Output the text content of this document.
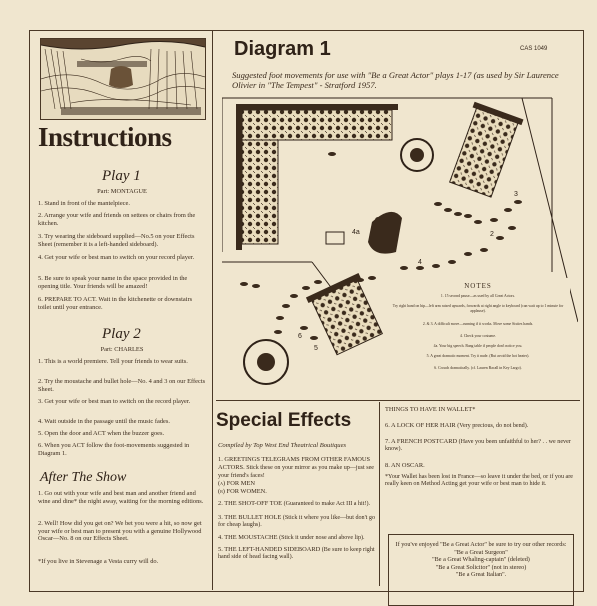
Instructions
Play 1
Part: MONTAGUE
1. Stand in front of the mantelpiece.
2. Arrange your wife and friends on settees or chairs from the kitchen.
3. Try wearing the sideboard supplied—No.5 on your Effects Sheet (remember it is a left-handed sideboard).
4. Get your wife or best man to switch on your record player.
5. Be sure to speak your name in the space provided in the opening title. Your friends will be amazed!
6. PREPARE TO ACT. Wait in the kitchenette or downstairs toilet until your entrance.
Play 2
Part: CHARLES
1. This is a world premiere. Tell your friends to wear suits.
2. Try the moustache and bullet hole—No. 4 and 3 on our Effects Sheet.
3. Get your wife or best man to switch on the record player.
4. Wait outside in the passage until the music fades.
5. Open the door and ACT when the buzzer goes.
6. When you ACT follow the foot-movements suggested in Diagram 1.
After The Show
1. Go out with your wife and best man and another friend and wine and dine* the night away, waiting for the morning editions.
2. Well! How did you get on? We bet you were a hit, so now get your wife or best man to present you with a genuine Hollywood Oscar—No. 8 on our Effects Sheet.
*If you live in Stevenage a Vesta curry will do.
Diagram 1	CAS 1049
Suggested foot movements for use with "Be a Great Actor" plays 1-17 (as used by Sir Laurence Olivier in "The Tempest" - Stratford 1957.
2
3
4
4a
5
6
NOTES
1. 15 second pause—as used by all Great Actors.
Try right hand on hip—left arm raised upwards, forwards at right angle to keyboard (can wait up to 1 minute for applause).
2. & 3. A difficult move—running if it works. Move some Sixties hands.
4. Check your costume.
4a. Your big speech. Bang table if people don't notice you.
5. A great dramatic moment. Try it nude. (But avoid the hot heater).
6. Crouch dramatically. (cf. Lauren Bacall in Key Largo).
Special Effects
Compiled by Top West End Theatrical Boutiques
1. GREETINGS TELEGRAMS FROM OTHER FAMOUS ACTORS. Stick these on your mirror as you make up—just see your friend's faces!
(a) FOR MEN
(b) FOR WOMEN.
2. THE SHOT-OFF TOE (Guaranteed to make Act III a hit!).
3. THE BULLET HOLE (Stick it where you like—but don't go for cheap laughs).
4. THE MOUSTACHE (Stick it under nose and above lip).
5. THE LEFT-HANDED SIDEBOARD (Be sure to keep right hand side of head facing wall).
THINGS TO HAVE IN WALLET*
6. A LOCK OF HER HAIR (Very precious, do not bend).
7. A FRENCH POSTCARD (Have you been unfaithful to her? . . we never know).
8. AN OSCAR.
*Your Wallet has been lost in France—so leave it under the bed, or if you are really keen on Method Acting get your wife or best man to hide it.

If you've enjoyed "Be a Great Actor" be sure to try our other records:

"Be a Great Surgeon"

"Be a Great Whaling-captain" (deleted)

"Be a Great Solicitor" (not in stereo)

"Be a Great Italian".
